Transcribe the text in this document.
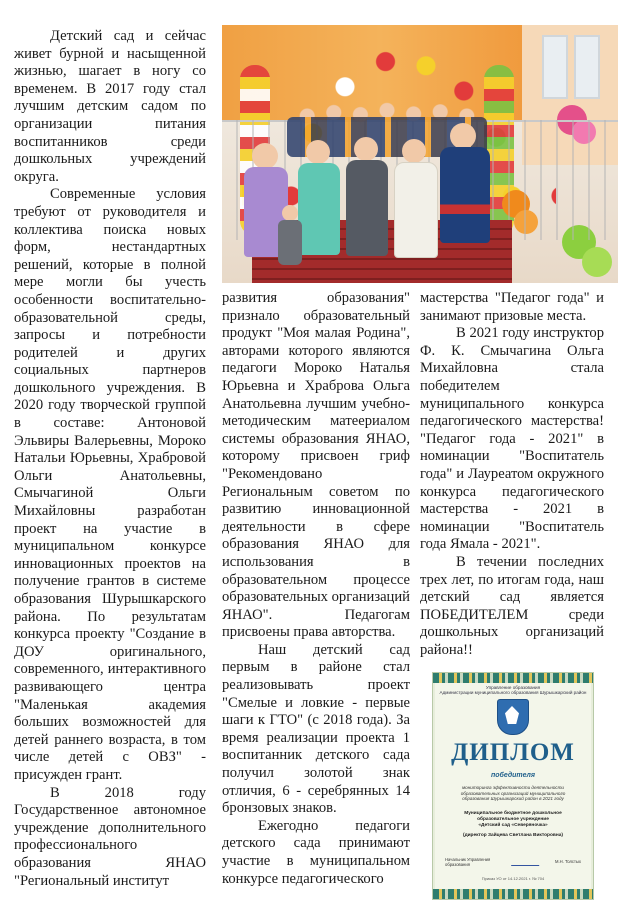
Детский сад и сейчас живет бурной и насыщенной жизнью, шагает в ногу со временем. В 2017 году стал лучшим детским садом по организации питания воспитанников среди дошкольных учреждений округа.

Современные условия требуют от руководителя и коллектива поиска новых форм, нестандартных решений, которые в полной мере могли бы учесть особенности воспитательно-образовательной среды, запросы и потребности родителей и других социальных партнеров дошкольного учреждения. В 2020 году творческой группой в составе: Антоновой Эльвиры Валерьевны, Мороко Натальи Юрьевны, Храбровой Ольги Анатольевны, Смычагиной Ольги Михайловны разработан проект на участие в муниципальном конкурсе инновационных проектов на получение грантов в системе образования Шурышкарского района. По результатам конкурса проекту "Создание в ДОУ оригинального, современного, интерактивного развивающего центра "Маленькая академия больших возможностей для детей раннего возраста, в том числе детей с ОВЗ" - присужден грант.

В 2018 году Государственное автономное учреждение дополнительного профессионального образования ЯНАО "Региональный институт

развития образования" признало образовательный продукт "Моя малая Родина", авторами которого являются педагоги Мороко Наталья Юрьевна и Храброва Ольга Анатольевна лучшим учебно-методическим матеериалом системы образования ЯНАО, которому присвоен гриф "Рекомендовано Региональным советом по развитию инновационной деятельности в сфере образования ЯНАО для использования в образовательном процессе образовательных организаций ЯНАО". Педагогам присвоены права авторства.

Наш детский сад первым в районе стал реализовывать проект "Смелые и ловкие - первые шаги к ГТО" (с 2018 года). За время реализации проекта 1 воспитанник детского сада получил золотой знак отличия, 6 - серебрянных 14 бронзовых знаков.

Ежегодно педагоги детского сада принимают участие в муниципальном конкурсе педагогического

мастерства "Педагог года" и занимают призовые места.

В 2021 году инструктор Ф. К. Смычагина Ольга Михайловна стала победителем муниципального конкурса педагогического мастерства! "Педагог года - 2021" в номинации "Воспитатель года" и Лауреатом окружного конкурса педагогического мастерства - 2021 в номинации "Воспитатель года Ямала - 2021".

В течении последних трех лет, по итогам года, наш детский сад является ПОБЕДИТЕЛЕМ среди дошкольных организаций района!!

Управление образования
Администрации муниципального образования Шурышкарский район
ДИПЛОМ
победителя
мониторинга эффективности деятельности образовательных организаций муниципального образования Шурышкарский район в 2021 году
Муниципальное бюджетное дошкольное образовательное учреждение
«Детский сад «Северяночка»
(директор Зайцева Светлана Викторовна)
Начальник Управления образования
М.Н. Толстых
Приказ УО от 14.12.2021 г. № 704
